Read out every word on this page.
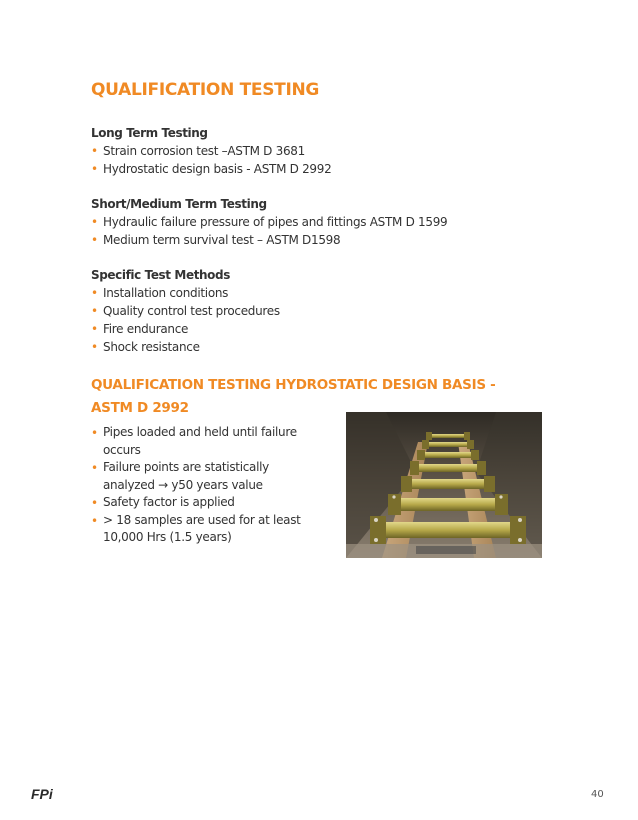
QUALIFICATION TESTING
Long Term Testing
• Strain corrosion test –ASTM D 3681
• Hydrostatic design basis - ASTM D 2992
Short/Medium Term Testing
• Hydraulic failure pressure of pipes and fittings ASTM D 1599
• Medium term survival test – ASTM D1598
Specific Test Methods
• Installation conditions
• Quality control test procedures
• Fire endurance
• Shock resistance
QUALIFICATION TESTING HYDROSTATIC DESIGN BASIS -
ASTM D 2992
• Pipes loaded and held until failure
occurs
• Failure points are statistically
analyzed → y50 years value
• Safety factor is applied
• > 18 samples are used for at least
10,000 Hrs (1.5 years)
FPi	40
